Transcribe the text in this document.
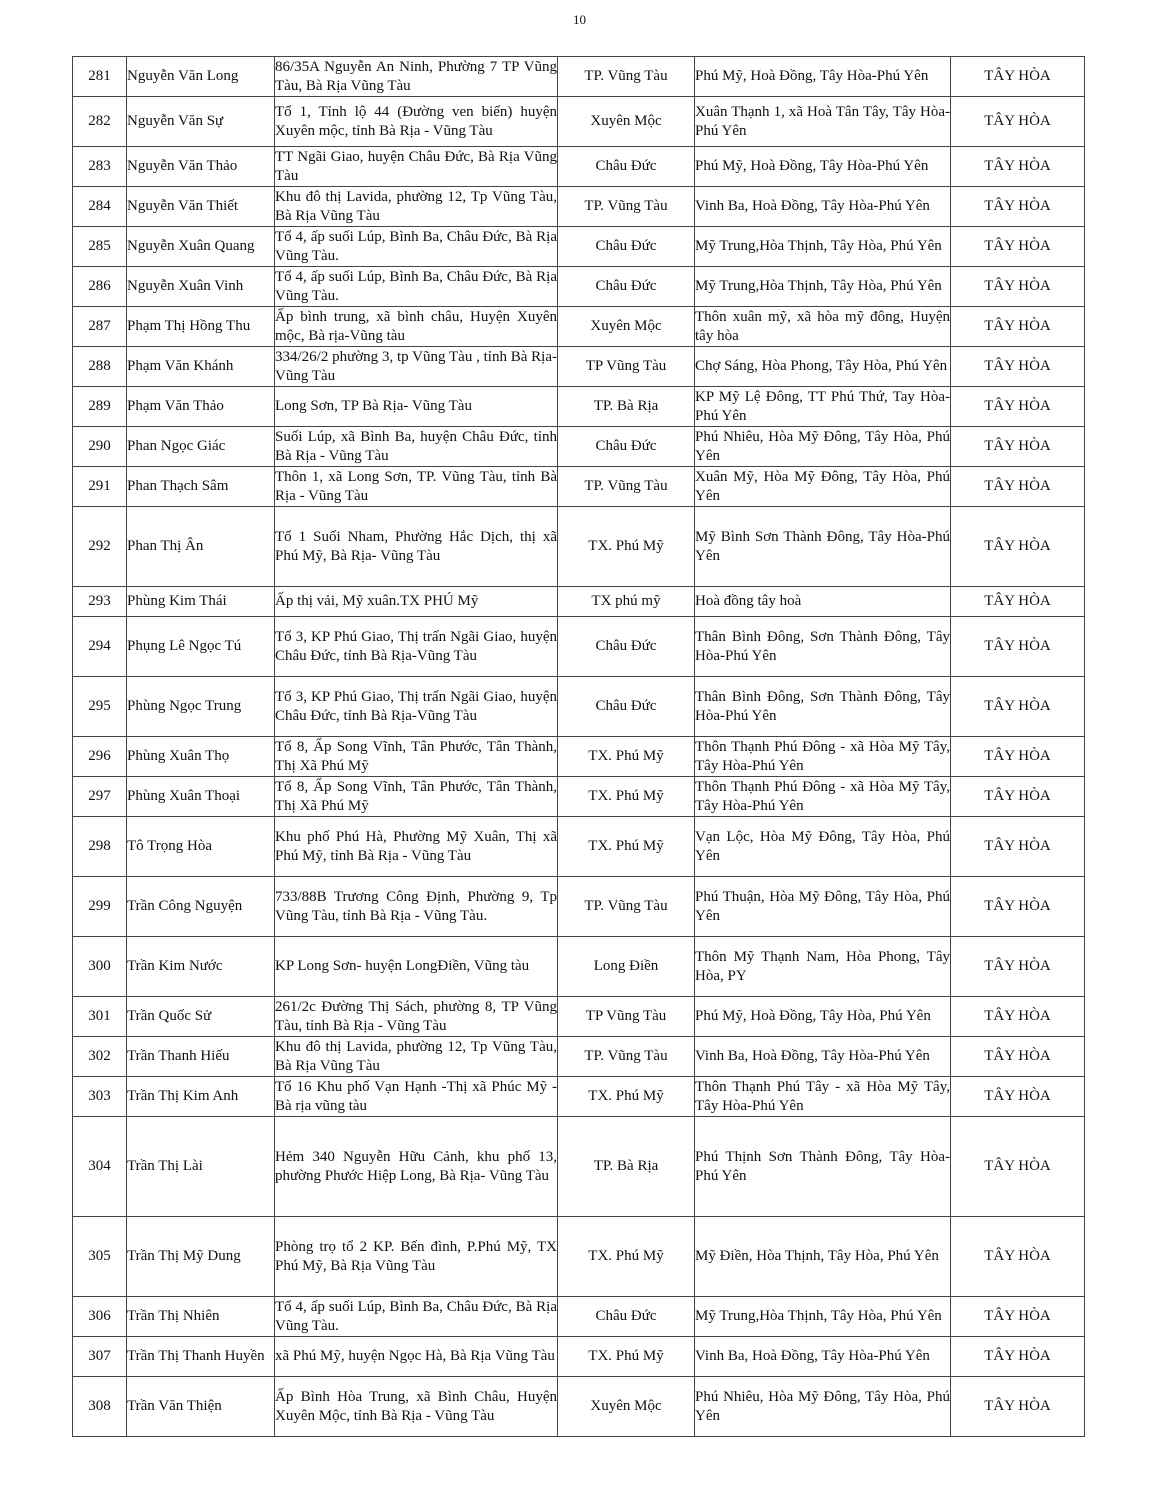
10
281	Nguyễn Văn Long	86/35A Nguyễn An Ninh, Phường 7 TP Vũng Tàu, Bà Rịa Vũng Tàu	TP. Vũng Tàu	Phú Mỹ, Hoà Đồng, Tây Hòa-Phú Yên	TÂY HÒA
282	Nguyễn Văn Sự	Tổ 1, Tỉnh lộ 44 (Đường ven biển) huyện Xuyên mộc, tỉnh Bà Rịa - Vũng Tàu	Xuyên Mộc	Xuân Thạnh 1, xã Hoà Tân Tây, Tây Hòa-Phú Yên	TÂY HÒA
283	Nguyễn Văn Thảo	TT Ngãi Giao, huyện Châu Đức, Bà Rịa Vũng Tàu	Châu Đức	Phú Mỹ, Hoà Đồng, Tây Hòa-Phú Yên	TÂY HÒA
284	Nguyễn Văn Thiết	Khu đô thị Lavida, phường 12, Tp Vũng Tàu, Bà Rịa Vũng Tàu	TP. Vũng Tàu	Vinh Ba, Hoà Đồng, Tây Hòa-Phú Yên	TÂY HÒA
285	Nguyễn Xuân Quang	Tổ 4, ấp suối Lúp, Bình Ba, Châu Đức, Bà Rịa Vũng Tàu.	Châu Đức	Mỹ Trung,Hòa Thịnh, Tây Hòa, Phú Yên	TÂY HÒA
286	Nguyễn Xuân Vinh	Tổ 4, ấp suối Lúp, Bình Ba, Châu Đức, Bà Rịa Vũng Tàu.	Châu Đức	Mỹ Trung,Hòa Thịnh, Tây Hòa, Phú Yên	TÂY HÒA
287	Phạm Thị Hồng Thu	Ấp bình trung, xã bình châu, Huyện Xuyên mộc, Bà rịa-Vũng tàu	Xuyên Mộc	Thôn xuân mỹ, xã hòa mỹ đông, Huyện tây hòa	TÂY HÒA
288	Phạm Văn Khánh	334/26/2 phường 3, tp Vũng Tàu , tỉnh Bà Rịa- Vũng Tàu	TP Vũng Tàu	Chợ Sáng, Hòa Phong, Tây Hòa, Phú Yên	TÂY HÒA
289	Phạm Văn Thảo	Long Sơn, TP Bà Rịa- Vũng Tàu	TP. Bà Rịa	KP Mỹ Lệ Đông, TT Phú Thứ, Tay Hòa-Phú Yên	TÂY HÒA
290	Phan Ngọc Giác	Suối Lúp, xã Bình Ba, huyện Châu Đức, tỉnh Bà Rịa - Vũng Tàu	Châu Đức	Phú Nhiêu, Hòa Mỹ Đông, Tây Hòa, Phú Yên	TÂY HÒA
291	Phan Thạch Sâm	Thôn 1, xã Long Sơn, TP. Vũng Tàu, tỉnh Bà Rịa - Vũng Tàu	TP. Vũng Tàu	Xuân Mỹ, Hòa Mỹ Đông, Tây Hòa, Phú Yên	TÂY HÒA
292	Phan Thị Ân	Tổ 1 Suối Nham, Phường Hắc Dịch, thị xã Phú Mỹ, Bà Rịa- Vũng Tàu	TX. Phú Mỹ	Mỹ Bình Sơn Thành Đông, Tây Hòa-Phú Yên	TÂY HÒA
293	Phùng Kim Thái	Ấp thị vải, Mỹ xuân.TX PHÚ Mỹ	TX phú mỹ	Hoà đồng tây hoà	TÂY HÒA
294	Phụng Lê Ngọc Tú	Tổ 3, KP Phú Giao, Thị trấn Ngãi Giao, huyện Châu Đức, tỉnh Bà Rịa-Vũng Tàu	Châu Đức	Thân Bình Đông, Sơn Thành Đông, Tây Hòa-Phú Yên	TÂY HÒA
295	Phùng Ngọc Trung	Tổ 3, KP Phú Giao, Thị trấn Ngãi Giao, huyện Châu Đức, tỉnh Bà Rịa-Vũng Tàu	Châu Đức	Thân Bình Đông, Sơn Thành Đông, Tây Hòa-Phú Yên	TÂY HÒA
296	Phùng Xuân Thọ	Tổ 8, Ấp Song Vĩnh, Tân Phước, Tân Thành, Thị Xã Phú Mỹ	TX. Phú Mỹ	Thôn Thạnh Phú Đông - xã Hòa Mỹ Tây, Tây Hòa-Phú Yên	TÂY HÒA
297	Phùng Xuân Thoại	Tổ 8, Ấp Song Vĩnh, Tân Phước, Tân Thành, Thị Xã Phú Mỹ	TX. Phú Mỹ	Thôn Thạnh Phú Đông - xã Hòa Mỹ Tây, Tây Hòa-Phú Yên	TÂY HÒA
298	Tô Trọng Hòa	Khu phố Phú Hà, Phường Mỹ Xuân, Thị xã Phú Mỹ, tỉnh Bà Rịa - Vũng Tàu	TX. Phú Mỹ	Vạn Lộc, Hòa Mỹ Đông, Tây Hòa, Phú Yên	TÂY HÒA
299	Trần Công Nguyện	733/88B Trương Công Định, Phường 9, Tp Vũng Tàu, tỉnh Bà Rịa - Vũng Tàu.	TP. Vũng Tàu	Phú Thuận, Hòa Mỹ Đông, Tây Hòa, Phú Yên	TÂY HÒA
300	Trần Kim Nước	KP Long Sơn- huyện LongĐiền, Vũng tàu	Long Điền	Thôn Mỹ Thạnh Nam, Hòa Phong, Tây Hòa, PY	TÂY HÒA
301	Trần Quốc Sử	261/2c Đường Thị Sách, phường 8, TP Vũng Tàu, tỉnh Bà Rịa - Vũng Tàu	TP Vũng Tàu	Phú Mỹ, Hoà Đồng, Tây Hòa, Phú Yên	TÂY HÒA
302	Trần Thanh Hiếu	Khu đô thị Lavida, phường 12, Tp Vũng Tàu, Bà Rịa Vũng Tàu	TP. Vũng Tàu	Vinh Ba, Hoà Đồng, Tây Hòa-Phú Yên	TÂY HÒA
303	Trần Thị Kim Anh	Tổ 16 Khu phố Vạn Hạnh -Thị xã Phúc Mỹ - Bà rịa vũng tàu	TX. Phú Mỹ	Thôn Thạnh Phú Tây - xã Hòa Mỹ Tây, Tây Hòa-Phú Yên	TÂY HÒA
304	Trần Thị Lài	Hẻm 340 Nguyễn Hữu Cảnh, khu phố 13, phường Phước Hiệp Long, Bà Rịa- Vũng Tàu	TP. Bà Rịa	Phú Thịnh Sơn Thành Đông, Tây Hòa-Phú Yên	TÂY HÒA
305	Trần Thị Mỹ Dung	Phòng trọ tổ 2 KP. Bến đình, P.Phú Mỹ, TX Phú Mỹ, Bà Rịa Vũng Tàu	TX. Phú Mỹ	Mỹ Điền, Hòa Thịnh, Tây Hòa, Phú Yên	TÂY HÒA
306	Trần Thị Nhiên	Tổ 4, ấp suối Lúp, Bình Ba, Châu Đức, Bà Rịa Vũng Tàu.	Châu Đức	Mỹ Trung,Hòa Thịnh, Tây Hòa, Phú Yên	TÂY HÒA
307	Trần Thị Thanh Huyền	xã Phú Mỹ, huyện Ngọc Hà, Bà Rịa Vũng Tàu	TX. Phú Mỹ	Vinh Ba, Hoà Đồng, Tây Hòa-Phú Yên	TÂY HÒA
308	Trần Văn Thiện	Ấp Bình Hòa Trung, xã Bình Châu, Huyện Xuyên Mộc, tỉnh Bà Rịa - Vũng Tàu	Xuyên Mộc	Phú Nhiêu, Hòa Mỹ Đông, Tây Hòa, Phú Yên	TÂY HÒA
